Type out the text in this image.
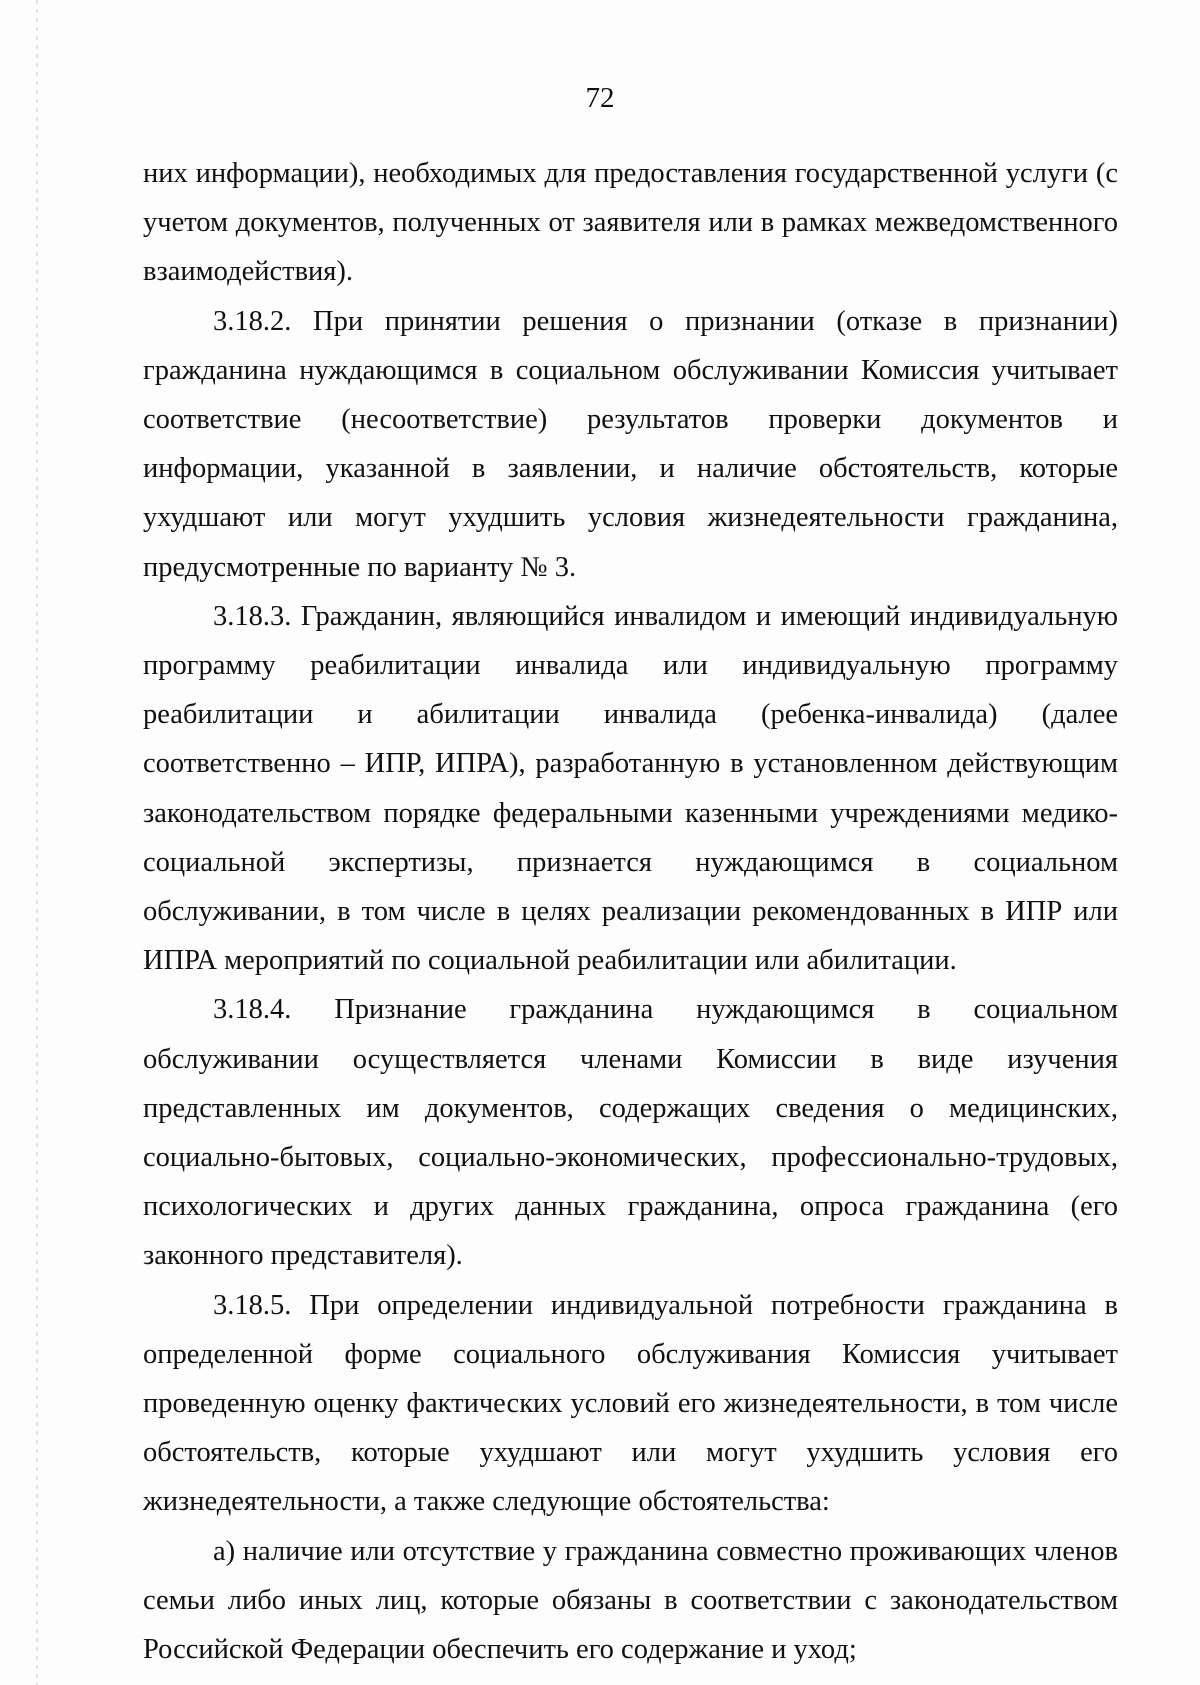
72

них информации), необходимых для предоставления государственной услуги (с учетом документов, полученных от заявителя или в рамках межведомственного взаимодействия).

3.18.2. При принятии решения о признании (отказе в признании) гражданина нуждающимся в социальном обслуживании Комиссия учитывает соответствие (несоответствие) результатов проверки документов и информации, указанной в заявлении, и наличие обстоятельств, которые ухудшают или могут ухудшить условия жизнедеятельности гражданина, предусмотренные по варианту № 3.

3.18.3. Гражданин, являющийся инвалидом и имеющий индивидуальную программу реабилитации инвалида или индивидуальную программу реабилитации и абилитации инвалида (ребенка-инвалида) (далее соответственно – ИПР, ИПРА), разработанную в установленном действующим законодательством порядке федеральными казенными учреждениями медико-социальной экспертизы, признается нуждающимся в социальном обслуживании, в том числе в целях реализации рекомендованных в ИПР или ИПРА мероприятий по социальной реабилитации или абилитации.

3.18.4. Признание гражданина нуждающимся в социальном обслуживании осуществляется членами Комиссии в виде изучения представленных им документов, содержащих сведения о медицинских, социально-бытовых, социально-экономических, профессионально-трудовых, психологических и других данных гражданина, опроса гражданина (его законного представителя).

3.18.5. При определении индивидуальной потребности гражданина в определенной форме социального обслуживания Комиссия учитывает проведенную оценку фактических условий его жизнедеятельности, в том числе обстоятельств, которые ухудшают или могут ухудшить условия его жизнедеятельности, а также следующие обстоятельства:

а) наличие или отсутствие у гражданина совместно проживающих членов семьи либо иных лиц, которые обязаны в соответствии с законодательством Российской Федерации обеспечить его содержание и уход;
